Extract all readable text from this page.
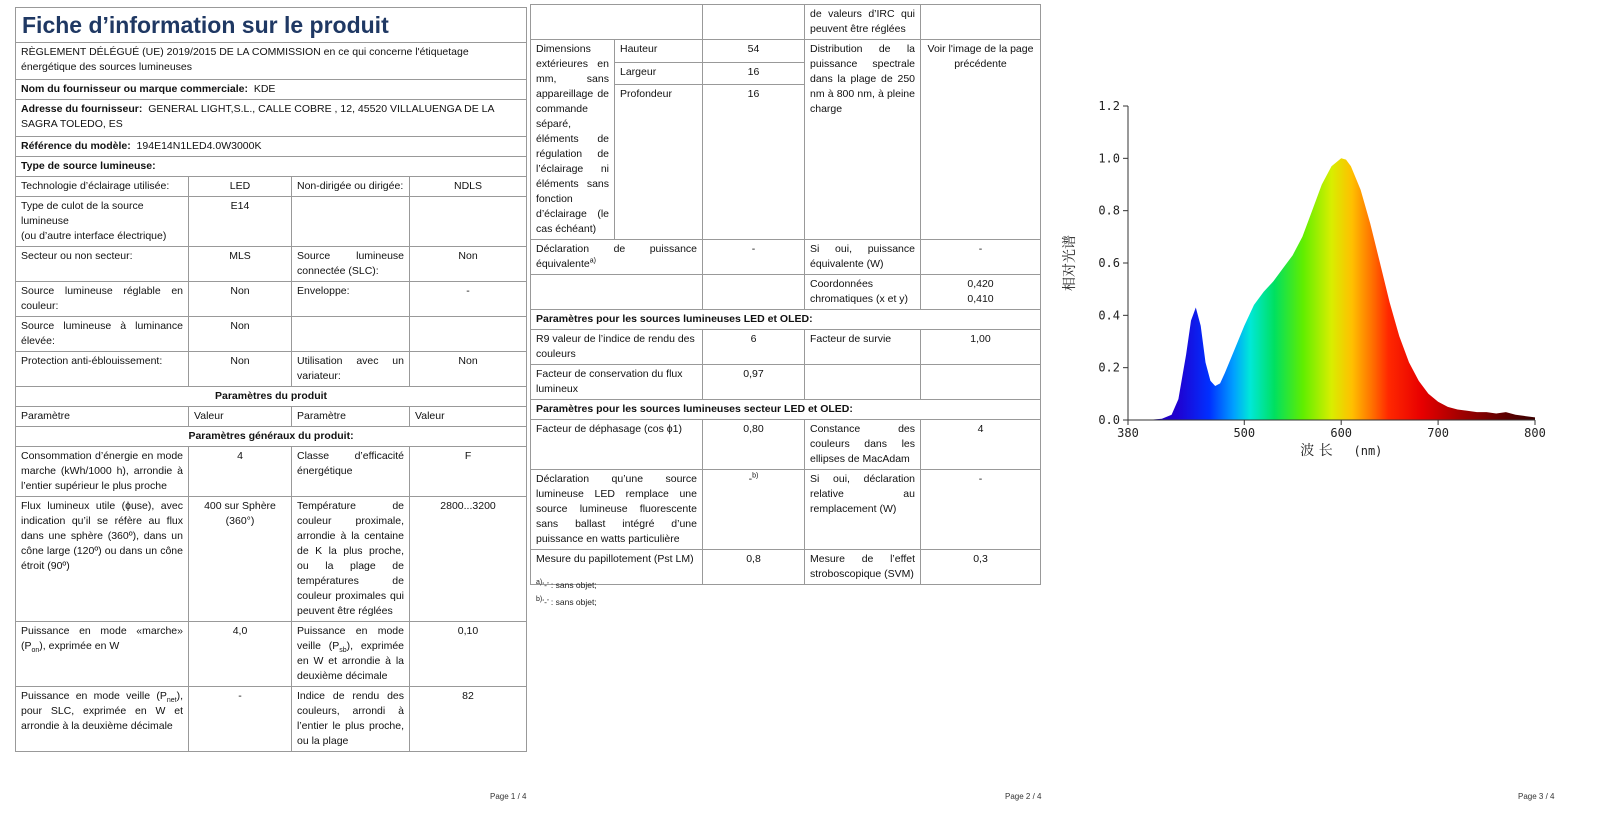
Fiche d’information sur le produit			
RÈGLEMENT DÉLÉGUÉ (UE) 2019/2015 DE LA COMMISSION en ce qui concerne l'étiquetage énergétique des sources lumineuses			
Nom du fournisseur ou marque commerciale: KDE			
Adresse du fournisseur: GENERAL LIGHT,S.L., CALLE COBRE , 12, 45520 VILLALUENGA DE LA SAGRA TOLEDO, ES			
Référence du modèle: 194E14N1LED4.0W3000K			
Type de source lumineuse:			
Technologie d’éclairage utilisée:	LED	Non-dirigée ou dirigée:	NDLS

Type de culot de la source lumineuse
(ou d’autre interface électrique)	E14		
Secteur ou non secteur:	MLS	Source lumineuse connectée (SLC):	Non
Source lumineuse réglable en couleur:	Non	Enveloppe:	-
Source lumineuse à luminance élevée:	Non		
Protection anti-éblouissement:	Non	Utilisation avec un variateur:	Non
Paramètres du produit			
Paramètre	Valeur	Paramètre	Valeur
Paramètres généraux du produit:			
Consommation d’énergie en mode marche (kWh/1000 h), arrondie à l’entier supérieur le plus proche	4	Classe d’efficacité énergétique	F
Flux lumineux utile (ɸuse), avec indication qu’il se réfère au flux dans une sphère (360º), dans un cône large (120º) ou dans un cône étroit (90º)	400 sur Sphère (360°)	Température de couleur proximale, arrondie à la centaine de K la plus proche, ou la plage de températures de couleur proximales qui peuvent être réglées	2800...3200
Puissance en mode «marche» $(P_{on})$, exprimée en W	4,0	Puissance en mode veille $(P_{sb})$, exprimée en W et arrondie à la deuxième décimale	0,10
Puissance en mode veille $(P_{net})$, pour SLC, exprimée en W et arrondie à la deuxième décimale	-	Indice de rendu des couleurs, arrondi à l’entier le plus proche, ou la plage	82
Page 1 / 4
			de valeurs d’IRC qui peuvent être réglées	
Dimensions extérieures en mm, sans appareillage de commande séparé, éléments de régulation de l’éclairage ni éléments sans fonction d’éclairage (le cas échéant)	Hauteur	54	Distribution de la puissance spectrale dans la plage de 250 nm à 800 nm, à pleine charge	Voir l'image de la page précédente
	Largeur	16		
	Profondeur	16		
Déclaration de puissance équivalente$^{a)}$		-	Si oui, puissance équivalente (W)	-
			Coordonnées chromatiques (x et y)	0,420
0,410

Paramètres pour les sources lumineuses LED et OLED:				
R9 valeur de l’indice de rendu des couleurs		6	Facteur de survie	1,00
Facteur de conservation du flux lumineux		0,97		
Paramètres pour les sources lumineuses secteur LED et OLED:				
Facteur de déphasage (cos ϕ1)		0,80	Constance des couleurs dans les ellipses de MacAdam	4
Déclaration qu’une source lumineuse LED remplace une source lumineuse fluorescente sans ballast intégré d’une puissance en watts particulière		-$^{b)}$	Si oui, déclaration relative au remplacement (W)	-
Mesure du papillotement (Pst LM)		0,8	Mesure de l’effet stroboscopique (SVM)	0,3
$^{a)}$‘-’ : sans objet;
$^{b)}$‘-’ : sans objet;
Page 2 / 4
0.0
0.2
0.4
0.6
0.8
1.0
1.2
380	500	600	700	800
波 长 (nm)
相对光谱
Page 3 / 4
